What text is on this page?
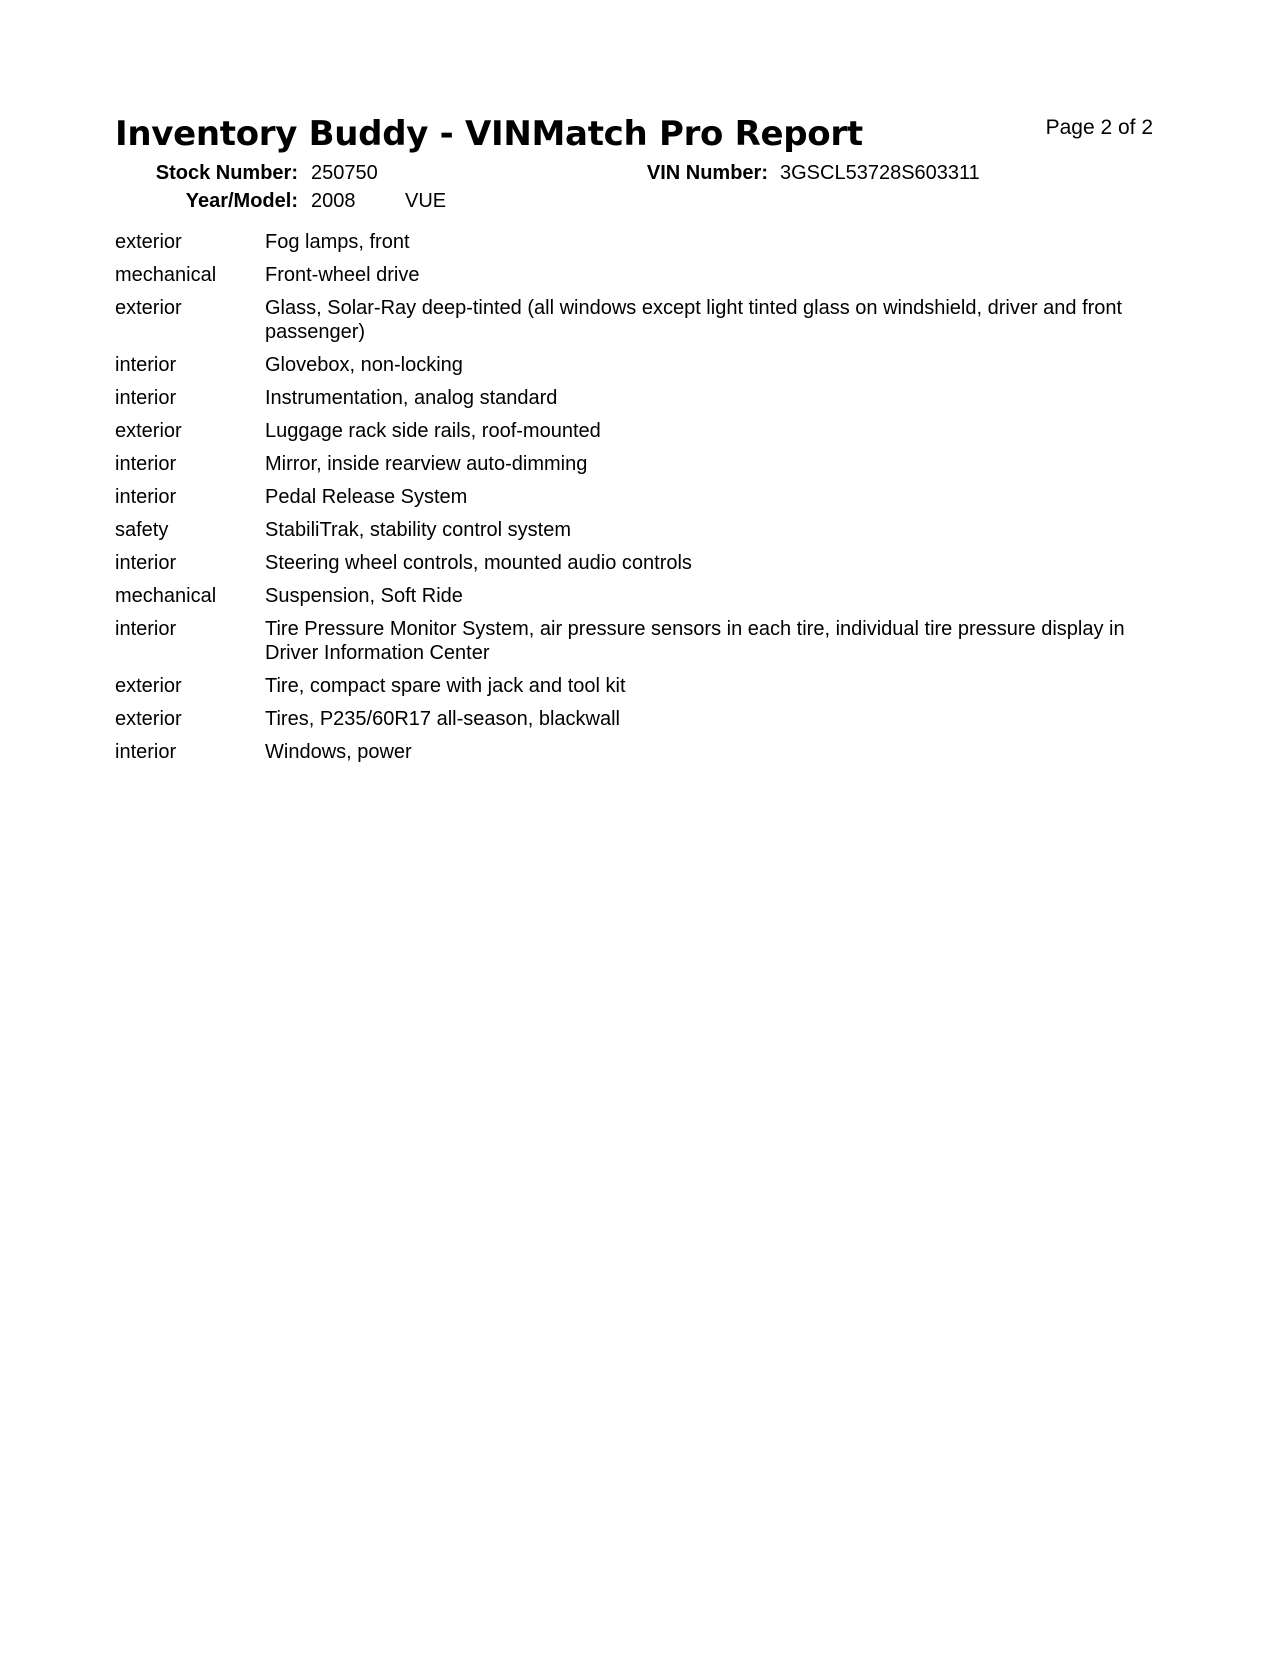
Inventory Buddy - VINMatch Pro Report	Page 2 of 2
Stock Number: 250750
Year/Model: 2008 VUE
VIN Number: 3GSCL53728S603311
exterior	Fog lamps, front
mechanical	Front-wheel drive
exterior	Glass, Solar-Ray deep-tinted (all windows except light tinted glass on windshield, driver and front passenger)
interior	Glovebox, non-locking
interior	Instrumentation, analog standard
exterior	Luggage rack side rails, roof-mounted
interior	Mirror, inside rearview auto-dimming
interior	Pedal Release System
safety	StabiliTrak, stability control system
interior	Steering wheel controls, mounted audio controls
mechanical	Suspension, Soft Ride
interior	Tire Pressure Monitor System, air pressure sensors in each tire, individual tire pressure display in Driver Information Center
exterior	Tire, compact spare with jack and tool kit
exterior	Tires, P235/60R17 all-season, blackwall
interior	Windows, power
